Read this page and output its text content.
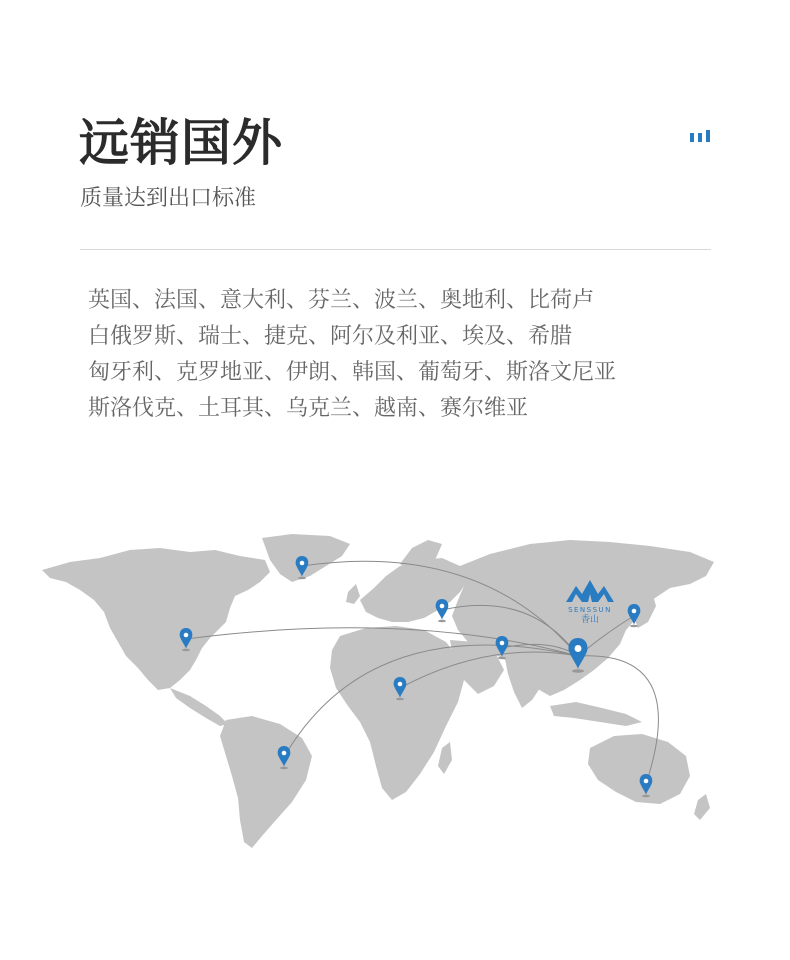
远销国外

质量达到出口标准

英国、法国、意大利、芬兰、波兰、奥地利、比荷卢
白俄罗斯、瑞士、捷克、阿尔及利亚、埃及、希腊
匈牙利、克罗地亚、伊朗、韩国、葡萄牙、斯洛文尼亚
斯洛伐克、土耳其、乌克兰、越南、赛尔维亚
SENSSUN
香山
